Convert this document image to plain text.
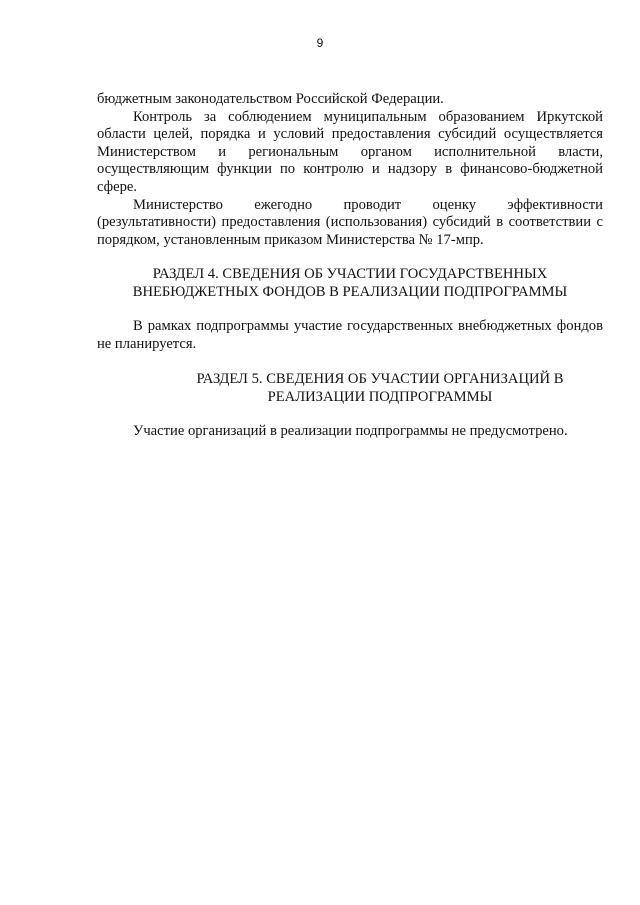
9

бюджетным законодательством Российской Федерации.

Контроль за соблюдением муниципальным образованием Иркутской области целей, порядка и условий предоставления субсидий осуществляется Министерством и региональным органом исполнительной власти, осуществляющим функции по контролю и надзору в финансово-бюджетной сфере.

Министерство ежегодно проводит оценку эффективности (результативности) предоставления (использования) субсидий в соответствии с порядком, установленным приказом Министерства № 17-мпр.

РАЗДЕЛ 4. СВЕДЕНИЯ ОБ УЧАСТИИ ГОСУДАРСТВЕННЫХ ВНЕБЮДЖЕТНЫХ ФОНДОВ В РЕАЛИЗАЦИИ ПОДПРОГРАММЫ

В рамках подпрограммы участие государственных внебюджетных фондов не планируется.

РАЗДЕЛ 5. СВЕДЕНИЯ ОБ УЧАСТИИ ОРГАНИЗАЦИЙ В РЕАЛИЗАЦИИ ПОДПРОГРАММЫ

Участие организаций в реализации подпрограммы не предусмотрено.
